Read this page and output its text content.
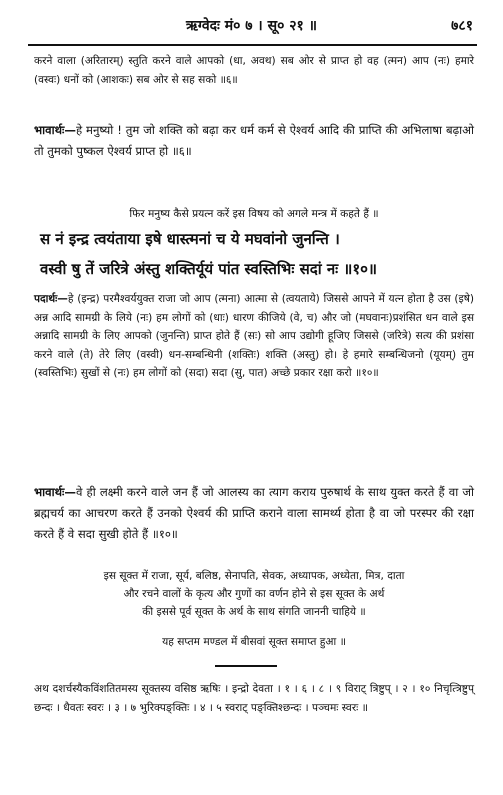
ऋग्वेदः मं० ७ । सू० २१ ॥	७८१

करने वाला (अरितारम्) स्तुति करने वाले आपको (धा, अवथ) सब ओर से प्राप्त हो वह (त्मन) आप (नः) हमारे (वस्वः) धनों को (आशकः) सब ओर से सह सको ॥६॥

भावार्थः—हे मनुष्यो ! तुम जो शक्ति को बढ़ा कर धर्म कर्म से ऐश्वर्य आदि की प्राप्ति की अभिलाषा बढ़ाओ तो तुमको पुष्कल ऐश्वर्य प्राप्त हो ॥६॥

फिर मनुष्य कैसे प्रयत्न करें इस विषय को अगले मन्त्र में कहते हैं ॥

स नं इन्द्र त्वयंताया इषे धास्त्मनां च ये मघवांनो जुनन्ति ।

वस्वी षु तें जरित्रे अंस्तु शक्तिर्यूयं पांत स्वस्तिभिः सदां नः ॥१०॥

पदार्थः—हे (इन्द्र) परमैश्वर्ययुक्त राजा जो आप (त्मना) आत्मा से (त्वयताये) जिससे आपने में यत्न होता है उस (इषे) अन्न आदि सामग्री के लिये (नः) हम लोगों को (धाः) धारण कीजिये (वे, च) और जो (मघवानः)प्रशंसित धन वाले इस अन्नादि सामग्री के लिए आपको (जुनन्ति) प्राप्त होते हैं (सः) सो आप उद्योगी हूजिए जिससे (जरित्रे) सत्य की प्रशंसा करने वाले (ते) तेरे लिए (वस्वी) धन-सम्बन्धिनी (शक्तिः) शक्ति (अस्तु) हो। हे हमारे सम्बन्धिजनो (यूयम्) तुम (स्वस्तिभिः) सुखों से (नः) हम लोगों को (सदा) सदा (सु, पात) अच्छे प्रकार रक्षा करो ॥१०॥

भावार्थः—वे ही लक्ष्मी करने वाले जन हैं जो आलस्य का त्याग कराय पुरुषार्थ के साथ युक्त करते हैं वा जो ब्रह्मचर्य का आचरण करते हैं उनको ऐश्वर्य की प्राप्ति कराने वाला सामर्थ्य होता है वा जो परस्पर की रक्षा करते हैं वे सदा सुखी होते हैं ॥१०॥

इस सूक्त में राजा, सूर्य, बलिष्ठ, सेनापति, सेवक, अध्यापक, अध्येता, मित्र, दाता

और रचने वालों के कृत्य और गुणों का वर्णन होने से इस सूक्त के अर्थ

की इससे पूर्व सूक्त के अर्थ के साथ संगति जाननी चाहिये ॥

यह सप्तम मण्डल में बीसवां सूक्त समाप्त हुआ ॥

अथ दशर्चस्यैकविंशतितमस्य सूक्तस्य वसिष्ठ ऋषिः । इन्द्रो देवता । १ । ६ । ८ । ९ विराट् त्रिष्टुप् । २ । १० निचृत्त्रिष्टुप् छन्दः । धैवतः स्वरः । ३ । ७ भुरिक्पङ्क्तिः । ४ । ५ स्वराट् पङ्क्तिश्छन्दः । पञ्चमः स्वरः ॥
